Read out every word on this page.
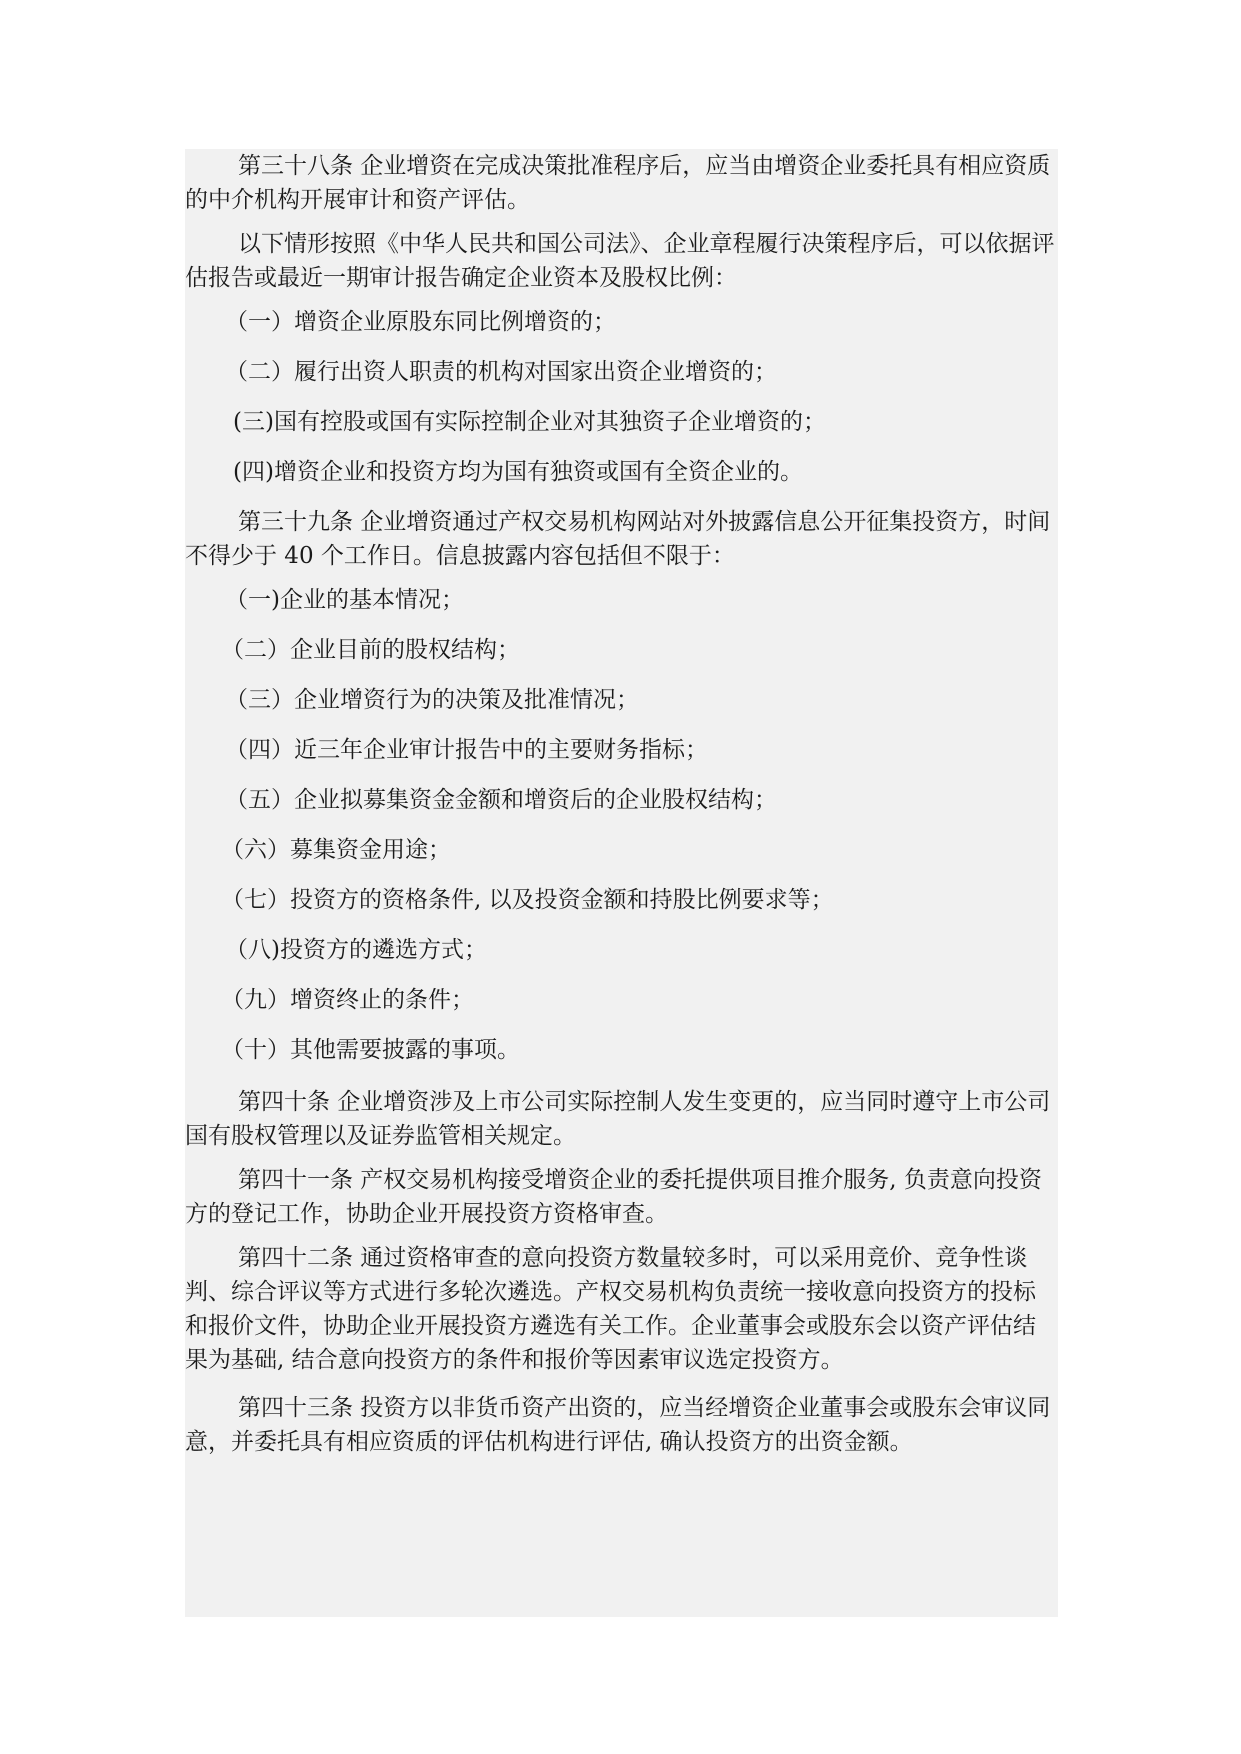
第三十八条 企业增资在完成决策批准程序后，应当由增资企业委托具有相应资质的中介机构开展审计和资产评估。

以下情形按照《中华人民共和国公司法》、企业章程履行决策程序后，可以依据评估报告或最近一期审计报告确定企业资本及股权比例：

（一）增资企业原股东同比例增资的；

（二）履行出资人职责的机构对国家出资企业增资的；

(三)国有控股或国有实际控制企业对其独资子企业增资的；

(四)增资企业和投资方均为国有独资或国有全资企业的。

第三十九条 企业增资通过产权交易机构网站对外披露信息公开征集投资方，时间不得少于 40 个工作日。信息披露内容包括但不限于：

（一)企业的基本情况；

（二）企业目前的股权结构；

（三）企业增资行为的决策及批准情况；

（四）近三年企业审计报告中的主要财务指标；

（五）企业拟募集资金金额和增资后的企业股权结构；

（六）募集资金用途；

（七）投资方的资格条件, 以及投资金额和持股比例要求等；

（八)投资方的遴选方式；

（九）增资终止的条件；

（十）其他需要披露的事项。

第四十条 企业增资涉及上市公司实际控制人发生变更的，应当同时遵守上市公司国有股权管理以及证券监管相关规定。

第四十一条 产权交易机构接受增资企业的委托提供项目推介服务, 负责意向投资方的登记工作，协助企业开展投资方资格审查。

第四十二条 通过资格审查的意向投资方数量较多时，可以采用竞价、竞争性谈判、综合评议等方式进行多轮次遴选。产权交易机构负责统一接收意向投资方的投标和报价文件，协助企业开展投资方遴选有关工作。企业董事会或股东会以资产评估结果为基础, 结合意向投资方的条件和报价等因素审议选定投资方。

第四十三条 投资方以非货币资产出资的，应当经增资企业董事会或股东会审议同意，并委托具有相应资质的评估机构进行评估, 确认投资方的出资金额。
